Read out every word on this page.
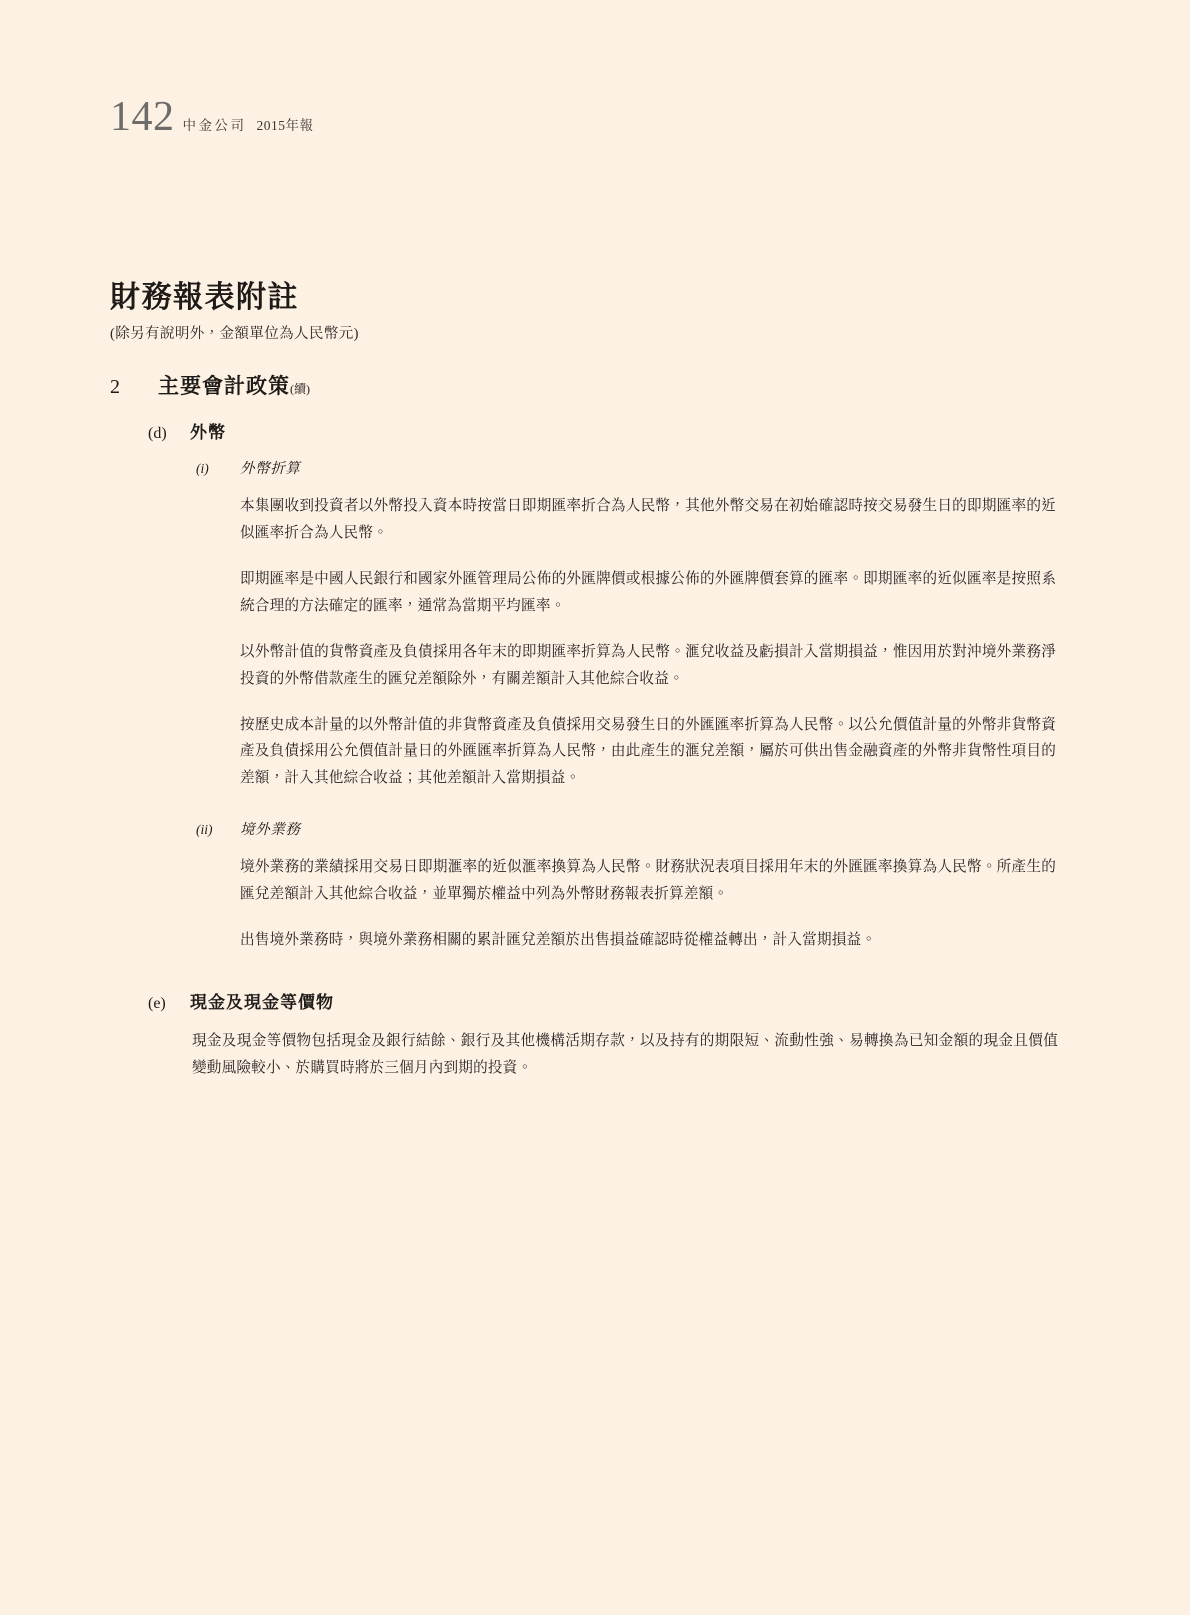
142 中金公司 2015年報
財務報表附註
(除另有說明外，金額單位為人民幣元)
2	主要會計政策(續)
(d)	外幣
(i)	外幣折算

本集團收到投資者以外幣投入資本時按當日即期匯率折合為人民幣，其他外幣交易在初始確認時按交易發生日的即期匯率的近似匯率折合為人民幣。

即期匯率是中國人民銀行和國家外匯管理局公佈的外匯牌價或根據公佈的外匯牌價套算的匯率。即期匯率的近似匯率是按照系統合理的方法確定的匯率，通常為當期平均匯率。

以外幣計值的貨幣資產及負債採用各年末的即期匯率折算為人民幣。滙兌收益及虧損計入當期損益，惟因用於對沖境外業務淨投資的外幣借款產生的匯兌差額除外，有關差額計入其他綜合收益。

按歷史成本計量的以外幣計值的非貨幣資產及負債採用交易發生日的外匯匯率折算為人民幣。以公允價值計量的外幣非貨幣資產及負債採用公允價值計量日的外匯匯率折算為人民幣，由此產生的滙兌差額，屬於可供出售金融資產的外幣非貨幣性項目的差額，計入其他綜合收益；其他差額計入當期損益。

(ii)	境外業務

境外業務的業績採用交易日即期滙率的近似滙率換算為人民幣。財務狀況表項目採用年末的外匯匯率換算為人民幣。所產生的匯兌差額計入其他綜合收益，並單獨於權益中列為外幣財務報表折算差額。

出售境外業務時，與境外業務相關的累計匯兌差額於出售損益確認時從權益轉出，計入當期損益。

(e)	現金及現金等價物

現金及現金等價物包括現金及銀行結餘、銀行及其他機構活期存款，以及持有的期限短、流動性強、易轉換為已知金額的現金且價值變動風險較小、於購買時將於三個月內到期的投資。
